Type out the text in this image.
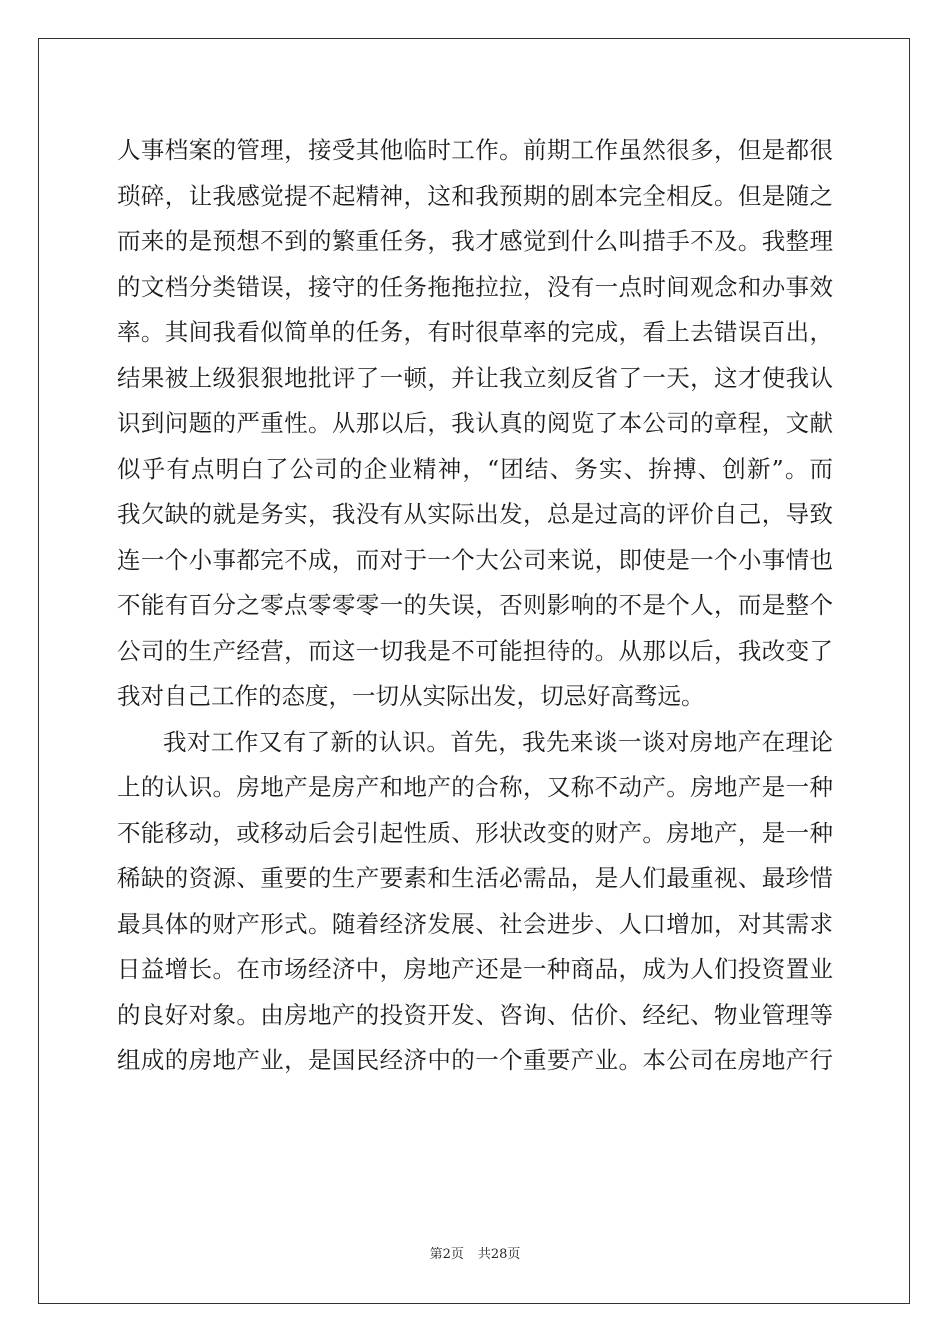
人事档案的管理，接受其他临时工作。前期工作虽然很多，但是都很
琐碎，让我感觉提不起精神，这和我预期的剧本完全相反。但是随之
而来的是预想不到的繁重任务，我才感觉到什么叫措手不及。我整理
的文档分类错误，接守的任务拖拖拉拉，没有一点时间观念和办事效
率。其间我看似简单的任务，有时很草率的完成，看上去错误百出，
结果被上级狠狠地批评了一顿，并让我立刻反省了一天，这才使我认
识到问题的严重性。从那以后，我认真的阅览了本公司的章程，文献
似乎有点明白了公司的企业精神，“团结、务实、拚搏、创新”。而
我欠缺的就是务实，我没有从实际出发，总是过高的评价自己，导致
连一个小事都完不成，而对于一个大公司来说，即使是一个小事情也
不能有百分之零点零零零一的失误，否则影响的不是个人，而是整个
公司的生产经营，而这一切我是不可能担待的。从那以后，我改变了
我对自己工作的态度，一切从实际出发，切忌好高骛远。
我对工作又有了新的认识。首先，我先来谈一谈对房地产在理论
上的认识。房地产是房产和地产的合称，又称不动产。房地产是一种
不能移动，或移动后会引起性质、形状改变的财产。房地产，是一种
稀缺的资源、重要的生产要素和生活必需品，是人们最重视、最珍惜
最具体的财产形式。随着经济发展、社会进步、人口增加，对其需求
日益增长。在市场经济中，房地产还是一种商品，成为人们投资置业
的良好对象。由房地产的投资开发、咨询、估价、经纪、物业管理等
组成的房地产业，是国民经济中的一个重要产业。本公司在房地产行
第2页 共28页
